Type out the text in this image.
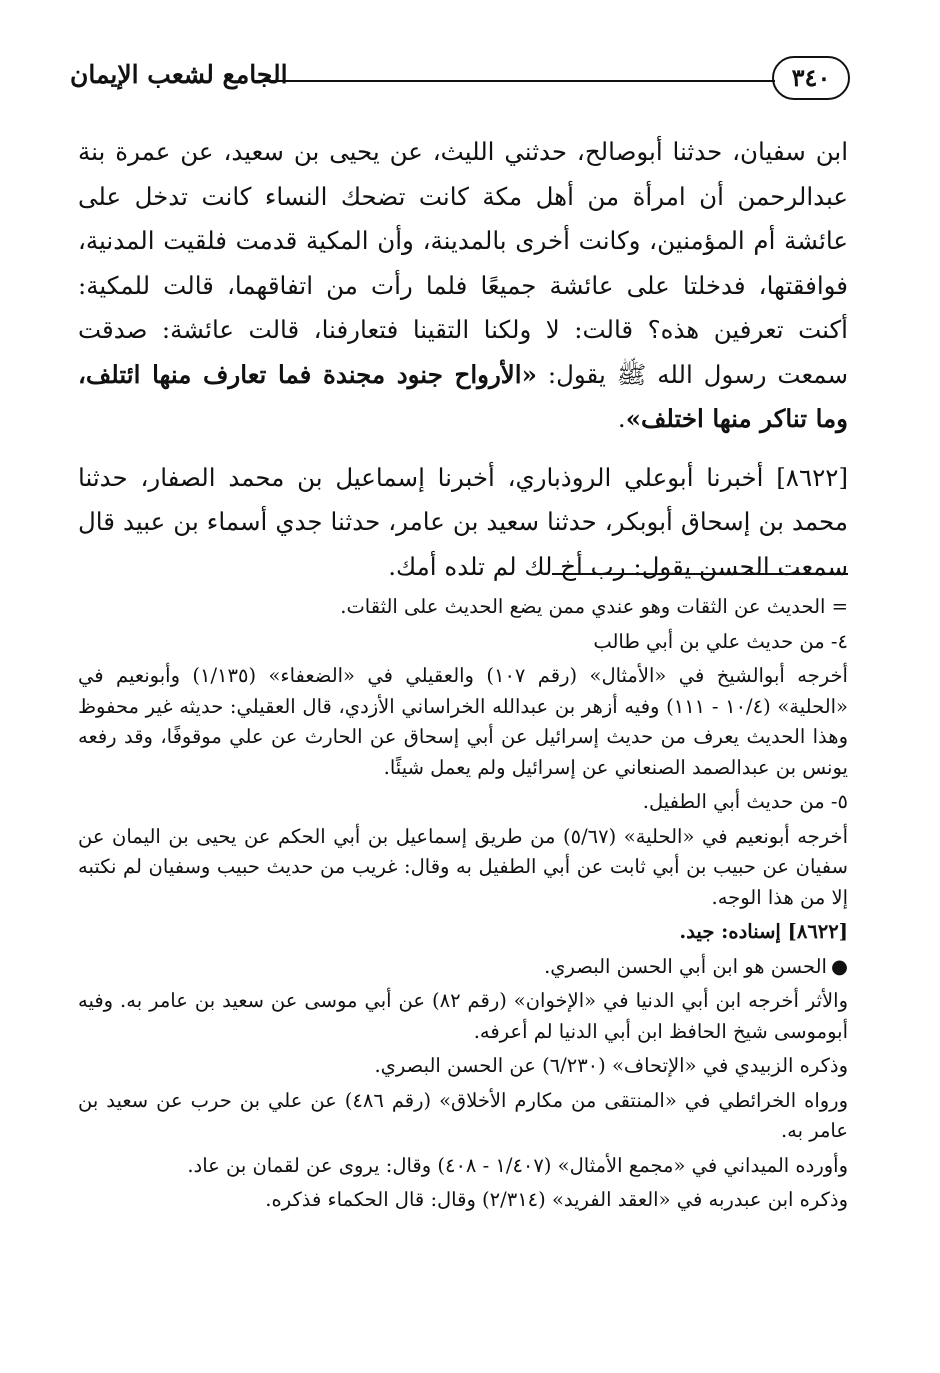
الجامع لشعب الإيمان	٣٤٠

ابن سفيان، حدثنا أبوصالح، حدثني الليث، عن يحيى بن سعيد، عن عمرة بنة عبدالرحمن أن امرأة من أهل مكة كانت تضحك النساء كانت تدخل على عائشة أم المؤمنين، وكانت أخرى بالمدينة، وأن المكية قدمت فلقيت المدنية، فوافقتها، فدخلتا على عائشة جميعًا فلما رأت من اتفاقهما، قالت للمكية: أكنت تعرفين هذه؟ قالت: لا ولكنا التقينا فتعارفنا، قالت عائشة: صدقت سمعت رسول الله ﷺ يقول: «الأرواح جنود مجندة فما تعارف منها ائتلف، وما تناكر منها اختلف».

[٨٦٢٢] أخبرنا أبوعلي الروذباري، أخبرنا إسماعيل بن محمد الصفار، حدثنا محمد بن إسحاق أبوبكر، حدثنا سعيد بن عامر، حدثنا جدي أسماء بن عبيد قال سمعت الحسن يقول: رب أخ لك لم تلده أمك.

= الحديث عن الثقات وهو عندي ممن يضع الحديث على الثقات.

٤- من حديث علي بن أبي طالب

أخرجه أبوالشيخ في «الأمثال» (رقم ١٠٧) والعقيلي في «الضعفاء» (١/١٣٥) وأبونعيم في «الحلية» (١٠/٤ - ١١١) وفيه أزهر بن عبدالله الخراساني الأزدي، قال العقيلي: حديثه غير محفوظ وهذا الحديث يعرف من حديث إسرائيل عن أبي إسحاق عن الحارث عن علي موقوفًا، وقد رفعه يونس بن عبدالصمد الصنعاني عن إسرائيل ولم يعمل شيئًا.

٥- من حديث أبي الطفيل.

أخرجه أبونعيم في «الحلية» (٥/٦٧) من طريق إسماعيل بن أبي الحكم عن يحيى بن اليمان عن سفيان عن حبيب بن أبي ثابت عن أبي الطفيل به وقال: غريب من حديث حبيب وسفيان لم نكتبه إلا من هذا الوجه.

[٨٦٢٢] إسناده: جيد.

●الحسن هو ابن أبي الحسن البصري.

والأثر أخرجه ابن أبي الدنيا في «الإخوان» (رقم ٨٢) عن أبي موسى عن سعيد بن عامر به. وفيه أبوموسى شيخ الحافظ ابن أبي الدنيا لم أعرفه.

وذكره الزبيدي في «الإتحاف» (٦/٢٣٠) عن الحسن البصري.

ورواه الخرائطي في «المنتقى من مكارم الأخلاق» (رقم ٤٨٦) عن علي بن حرب عن سعيد بن عامر به.

وأورده الميداني في «مجمع الأمثال» (١/٤٠٧ - ٤٠٨) وقال: يروى عن لقمان بن عاد.

وذكره ابن عبدربه في «العقد الفريد» (٢/٣١٤) وقال: قال الحكماء فذكره.
